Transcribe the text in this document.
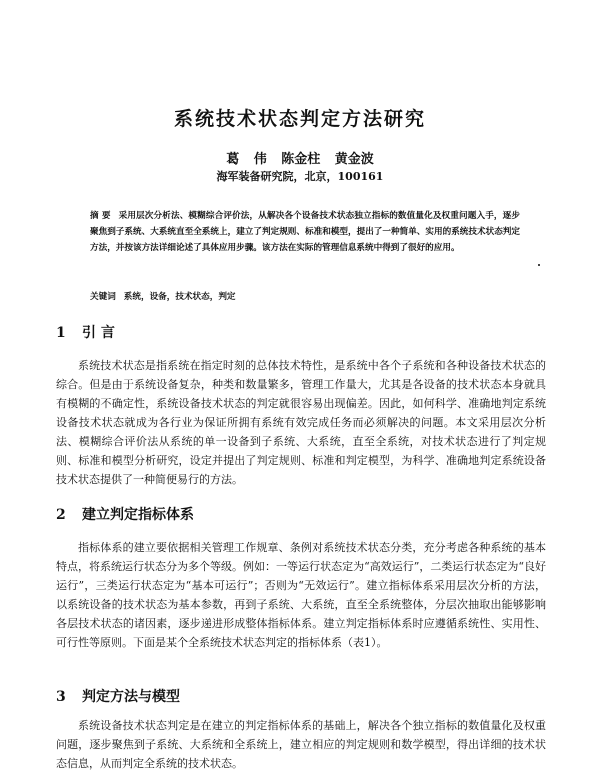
系统技术状态判定方法研究
葛 伟 陈金柱 黄金波
海军装备研究院，北京，100161
摘 要 采用层次分析法、模糊综合评价法，从解决各个设备技术状态独立指标的数值量化及权重问题入手，逐步聚焦到子系统、大系统直至全系统上，建立了判定规则、标准和模型，提出了一种简单、实用的系统技术状态判定方法，并按该方法详细论述了具体应用步骤。该方法在实际的管理信息系统中得到了很好的应用。
关键词 系统，设备，技术状态，判定
1 引 言
系统技术状态是指系统在指定时刻的总体技术特性，是系统中各个子系统和各种设备技术状态的综合。但是由于系统设备复杂，种类和数量繁多，管理工作量大，尤其是各设备的技术状态本身就具有模糊的不确定性，系统设备技术状态的判定就很容易出现偏差。因此，如何科学、准确地判定系统设备技术状态就成为各行业为保证所拥有系统有效完成任务而必须解决的问题。本文采用层次分析法、模糊综合评价法从系统的单一设备到子系统、大系统，直至全系统，对技术状态进行了判定规则、标准和模型分析研究，设定并提出了判定规则、标准和判定模型，为科学、准确地判定系统设备技术状态提供了一种简便易行的方法。
2 建立判定指标体系
指标体系的建立要依据相关管理工作规章、条例对系统技术状态分类，充分考虑各种系统的基本特点，将系统运行状态分为多个等级。例如：一等运行状态定为“高效运行”，二类运行状态定为“良好运行”，三类运行状态定为“基本可运行”；否则为“无效运行”。建立指标体系采用层次分析的方法，以系统设备的技术状态为基本参数，再到子系统、大系统，直至全系统整体，分层次抽取出能够影响各层技术状态的诸因素，逐步递进形成整体指标体系。建立判定指标体系时应遵循系统性、实用性、可行性等原则。下面是某个全系统技术状态判定的指标体系（表1）。
3 判定方法与模型
系统设备技术状态判定是在建立的判定指标体系的基础上，解决各个独立指标的数值量化及权重问题，逐步聚焦到子系统、大系统和全系统上，建立相应的判定规则和数学模型，得出详细的技术状态信息，从而判定全系统的技术状态。
